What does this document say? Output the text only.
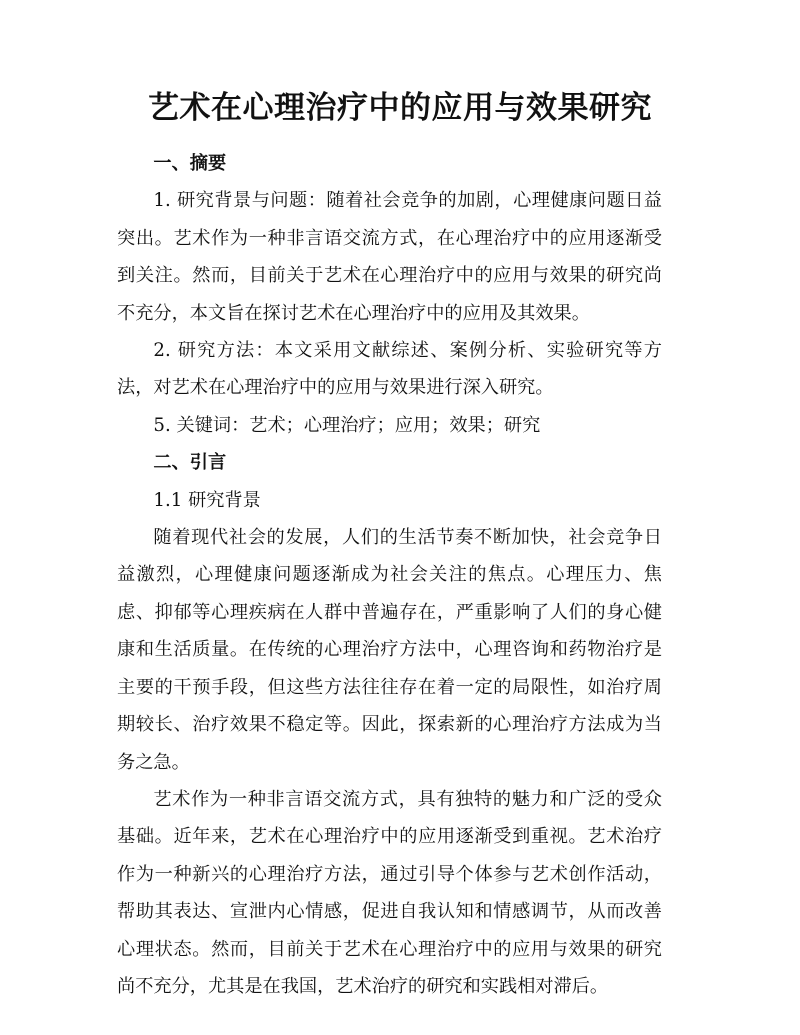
艺术在心理治疗中的应用与效果研究

一、摘要

1. 研究背景与问题：随着社会竞争的加剧，心理健康问题日益突出。艺术作为一种非言语交流方式，在心理治疗中的应用逐渐受到关注。然而，目前关于艺术在心理治疗中的应用与效果的研究尚不充分，本文旨在探讨艺术在心理治疗中的应用及其效果。

2. 研究方法：本文采用文献综述、案例分析、实验研究等方法，对艺术在心理治疗中的应用与效果进行深入研究。

5. 关键词：艺术；心理治疗；应用；效果；研究

二、引言

1.1 研究背景

随着现代社会的发展，人们的生活节奏不断加快，社会竞争日益激烈，心理健康问题逐渐成为社会关注的焦点。心理压力、焦虑、抑郁等心理疾病在人群中普遍存在，严重影响了人们的身心健康和生活质量。在传统的心理治疗方法中，心理咨询和药物治疗是主要的干预手段，但这些方法往往存在着一定的局限性，如治疗周期较长、治疗效果不稳定等。因此，探索新的心理治疗方法成为当务之急。

艺术作为一种非言语交流方式，具有独特的魅力和广泛的受众基础。近年来，艺术在心理治疗中的应用逐渐受到重视。艺术治疗作为一种新兴的心理治疗方法，通过引导个体参与艺术创作活动，帮助其表达、宣泄内心情感，促进自我认知和情感调节，从而改善心理状态。然而，目前关于艺术在心理治疗中的应用与效果的研究尚不充分，尤其是在我国，艺术治疗的研究和实践相对滞后。
